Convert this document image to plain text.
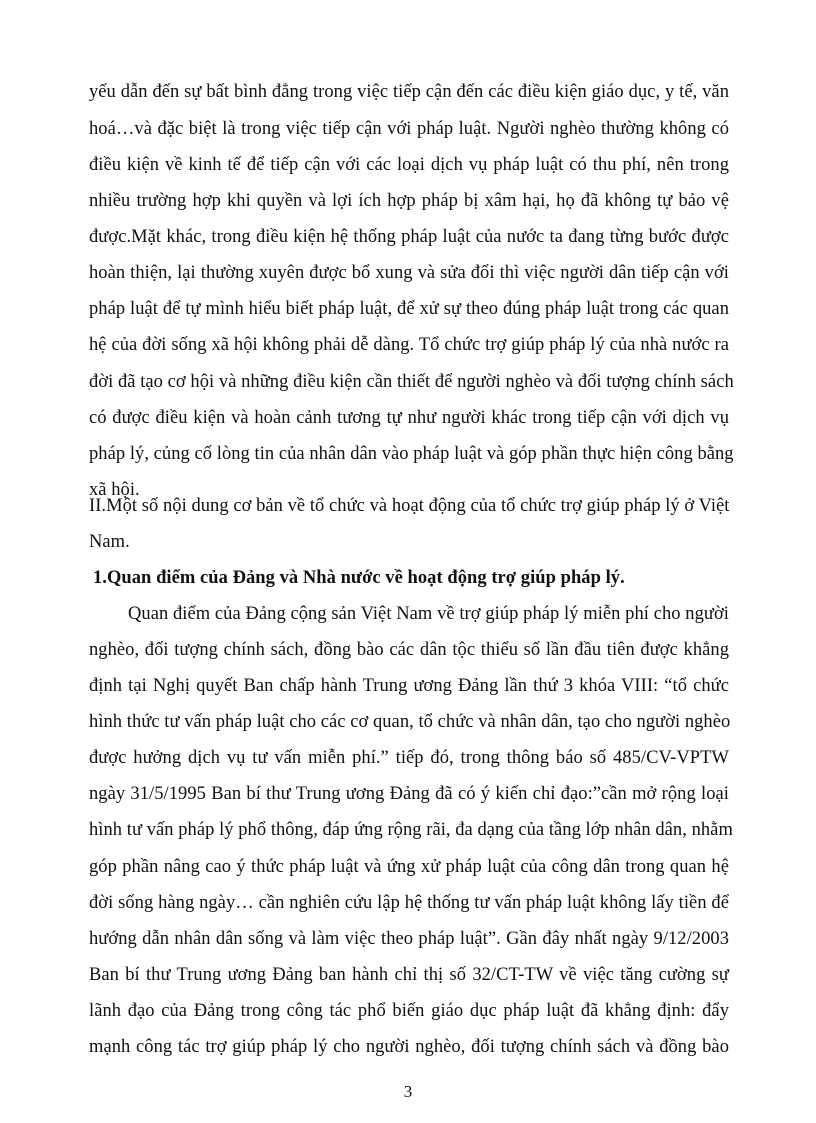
yếu dẫn đến sự bất bình đẳng trong việc tiếp cận đến các điều kiện giáo dục, y tế, văn
hoá…và đặc biệt là trong việc tiếp cận với pháp luật. Người nghèo thường không có
điều kiện về kinh tế để tiếp cận với các loại dịch vụ pháp luật có thu phí, nên trong
nhiều trường hợp khi quyền và lợi ích hợp pháp bị xâm hại, họ đã không tự bảo vệ
được.Mặt khác, trong điều kiện hệ thống pháp luật của nước ta đang từng bước được
hoàn thiện, lại thường xuyên được bổ xung và sửa đổi thì việc người dân tiếp cận với
pháp luật để tự mình hiểu biết pháp luật, để xử sự theo đúng pháp luật trong các quan
hệ của đời sống xã hội không phải dễ dàng. Tổ chức trợ giúp pháp lý của nhà nước ra
đời đã tạo cơ hội và những điều kiện cần thiết để người nghèo và đối tượng chính sách
có được điều kiện và hoàn cảnh tương tự như người khác trong tiếp cận với dịch vụ
pháp lý, củng cố lòng tin của nhân dân vào pháp luật và góp phần thực hiện công bằng
xã hội.
II.Một số nội dung cơ bản về tổ chức và hoạt động của tổ chức trợ giúp pháp lý ở Việt
Nam.
1.Quan điểm của Đảng và Nhà nước về hoạt động trợ giúp pháp lý.
Quan điểm của Đảng cộng sản Việt Nam về trợ giúp pháp lý miễn phí cho người
nghèo, đối tượng chính sách, đồng bào các dân tộc thiểu số lần đầu tiên được khẳng
định tại Nghị quyết Ban chấp hành Trung ương Đảng lần thứ 3 khóa VIII: “tổ chức
hình thức tư vấn pháp luật cho các cơ quan, tổ chức và nhân dân, tạo cho người nghèo
được hưởng dịch vụ tư vấn miễn phí.” tiếp đó, trong thông báo số 485/CV-VPTW
ngày 31/5/1995 Ban bí thư Trung ương Đảng đã có ý kiến chỉ đạo:”cần mở rộng loại
hình tư vấn pháp lý phổ thông, đáp ứng rộng rãi, đa dạng của tầng lớp nhân dân, nhằm
góp phần nâng cao ý thức pháp luật và ứng xử pháp luật của công dân trong quan hệ
đời sống hàng ngày… cần nghiên cứu lập hệ thống tư vấn pháp luật không lấy tiền để
hướng dẫn nhân dân sống và làm việc theo pháp luật”. Gần đây nhất ngày 9/12/2003
Ban bí thư Trung ương Đảng ban hành chỉ thị số 32/CT-TW về việc tăng cường sự
lãnh đạo của Đảng trong công tác phổ biến giáo dục pháp luật đã khẳng định: đẩy
mạnh công tác trợ giúp pháp lý cho người nghèo, đối tượng chính sách và đồng bào
3
